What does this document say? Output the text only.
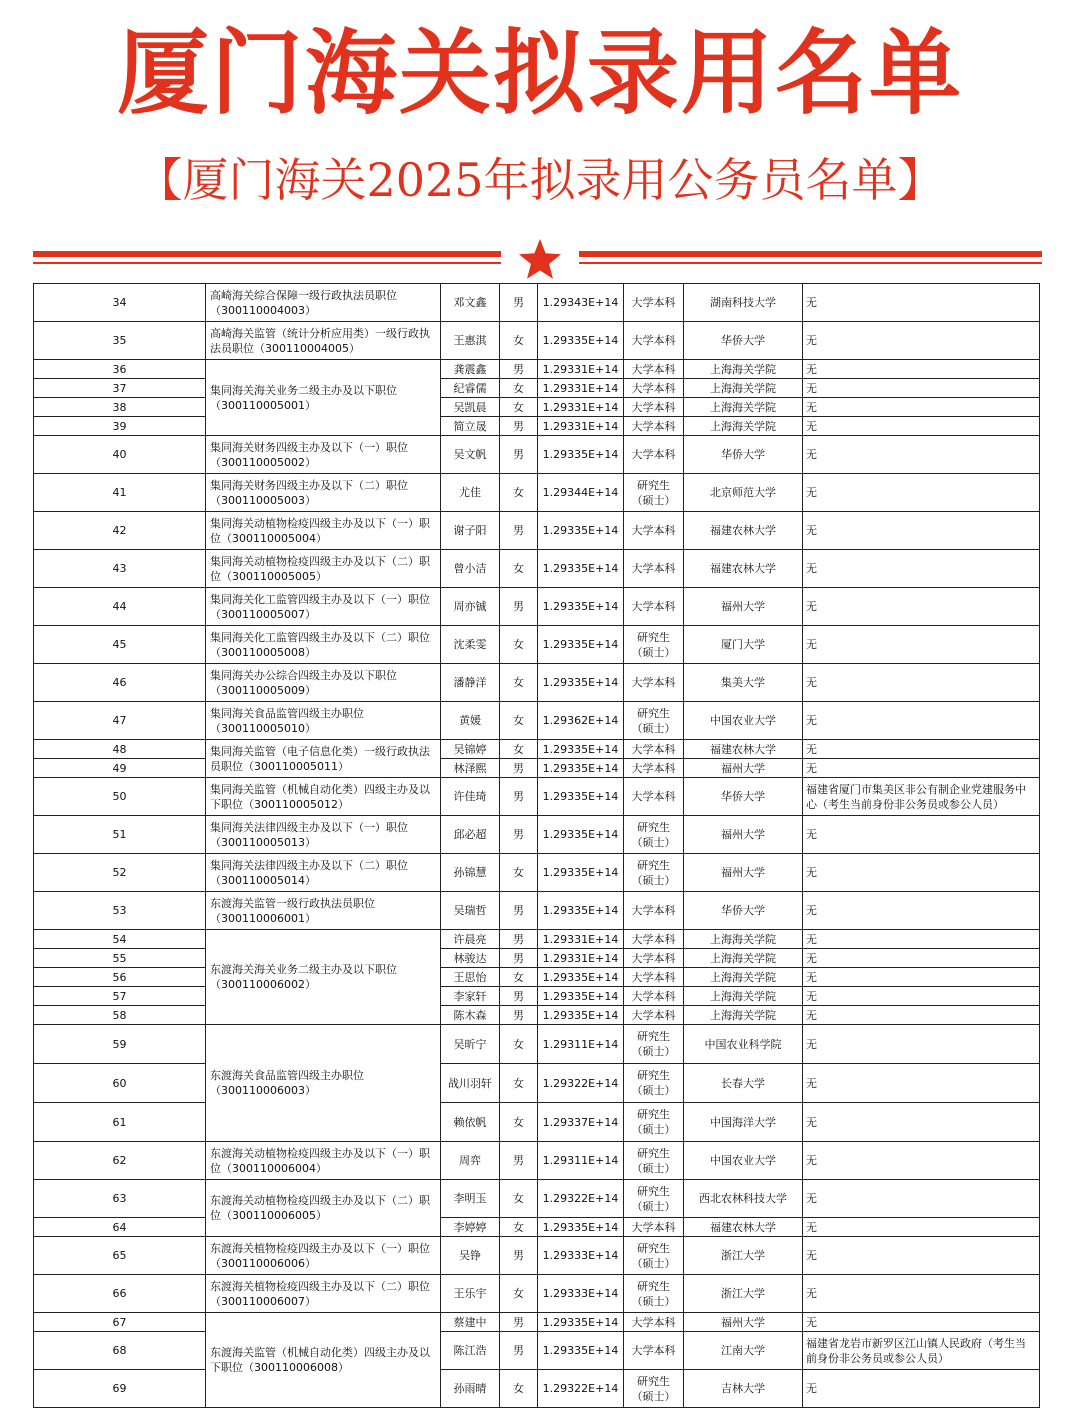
厦门海关拟录用名单
【厦门海关2025年拟录用公务员名单】
34	高崎海关综合保障一级行政执法员职位（300110004003）	邓文鑫	男	1.29343E+14	大学本科	湖南科技大学	无
35	高崎海关监管（统计分析应用类）一级行政执法员职位（300110004005）	王惠淇	女	1.29335E+14	大学本科	华侨大学	无
36	集同海关海关业务二级主办及以下职位（300110005001）	龚震鑫	男	1.29331E+14	大学本科	上海海关学院	无
37		纪睿儒	女	1.29331E+14	大学本科	上海海关学院	无
38		吴凯晨	女	1.29331E+14	大学本科	上海海关学院	无
39		简立晟	男	1.29331E+14	大学本科	上海海关学院	无
40	集同海关财务四级主办及以下（一）职位（300110005002）	吴文帆	男	1.29335E+14	大学本科	华侨大学	无
41	集同海关财务四级主办及以下（二）职位（300110005003）	尤佳	女	1.29344E+14	研究生（硕士）	北京师范大学	无
42	集同海关动植物检疫四级主办及以下（一）职位（300110005004）	谢子阳	男	1.29335E+14	大学本科	福建农林大学	无
43	集同海关动植物检疫四级主办及以下（二）职位（300110005005）	曾小洁	女	1.29335E+14	大学本科	福建农林大学	无
44	集同海关化工监管四级主办及以下（一）职位（300110005007）	周亦铖	男	1.29335E+14	大学本科	福州大学	无
45	集同海关化工监管四级主办及以下（二）职位（300110005008）	沈柔雯	女	1.29335E+14	研究生（硕士）	厦门大学	无
46	集同海关办公综合四级主办及以下职位（300110005009）	潘静洋	女	1.29335E+14	大学本科	集美大学	无
47	集同海关食品监管四级主办职位（300110005010）	黄媛	女	1.29362E+14	研究生（硕士）	中国农业大学	无
48	集同海关监管（电子信息化类）一级行政执法员职位（300110005011）	吴锦婷	女	1.29335E+14	大学本科	福建农林大学	无
49		林泽熙	男	1.29335E+14	大学本科	福州大学	无
50	集同海关监管（机械自动化类）四级主办及以下职位（300110005012）	许佳琦	男	1.29335E+14	大学本科	华侨大学	福建省厦门市集美区非公有制企业党建服务中心（考生当前身份非公务员或参公人员）
51	集同海关法律四级主办及以下（一）职位（300110005013）	邱必超	男	1.29335E+14	研究生（硕士）	福州大学	无
52	集同海关法律四级主办及以下（二）职位（300110005014）	孙锦慧	女	1.29335E+14	研究生（硕士）	福州大学	无
53	东渡海关监管一级行政执法员职位（300110006001）	吴瑞哲	男	1.29335E+14	大学本科	华侨大学	无
54	东渡海关海关业务二级主办及以下职位（300110006002）	许晨亮	男	1.29331E+14	大学本科	上海海关学院	无
55		林骏达	男	1.29331E+14	大学本科	上海海关学院	无
56		王思怡	女	1.29335E+14	大学本科	上海海关学院	无
57		李家轩	男	1.29335E+14	大学本科	上海海关学院	无
58		陈木森	男	1.29335E+14	大学本科	上海海关学院	无
59	东渡海关食品监管四级主办职位（300110006003）	吴昕宁	女	1.29311E+14	研究生（硕士）	中国农业科学院	无
60		战川羽轩	女	1.29322E+14	研究生（硕士）	长春大学	无
61		赖依帆	女	1.29337E+14	研究生（硕士）	中国海洋大学	无
62	东渡海关动植物检疫四级主办及以下（一）职位（300110006004）	周弈	男	1.29311E+14	研究生（硕士）	中国农业大学	无
63	东渡海关动植物检疫四级主办及以下（二）职位（300110006005）	李明玉	女	1.29322E+14	研究生（硕士）	西北农林科技大学	无
64		李婷婷	女	1.29335E+14	大学本科	福建农林大学	无
65	东渡海关植物检疫四级主办及以下（一）职位（300110006006）	吴铮	男	1.29333E+14	研究生（硕士）	浙江大学	无
66	东渡海关植物检疫四级主办及以下（二）职位（300110006007）	王乐宇	女	1.29333E+14	研究生（硕士）	浙江大学	无
67	东渡海关监管（机械自动化类）四级主办及以下职位（300110006008）	蔡建中	男	1.29335E+14	大学本科	福州大学	无
68		陈江浩	男	1.29335E+14	大学本科	江南大学	福建省龙岩市新罗区江山镇人民政府（考生当前身份非公务员或参公人员）
69		孙雨晴	女	1.29322E+14	研究生（硕士）	吉林大学	无
